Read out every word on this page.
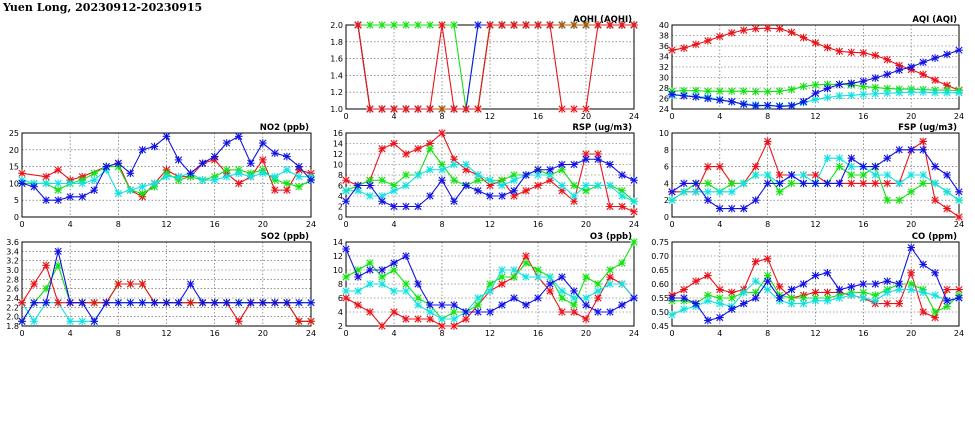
Yuen Long, 20230912-20230915
0	4	8	12	16	20	24
1.0
1.2
1.4
1.6
1.8
2.0
AQHI (AQHI)
0	4	8	12	16	20	24
24
26
28
30
32
34
36
38
40
AQI (AQI)
0	4	8	12	16	20	24
0
5
10
15
20
25
NO2 (ppb)
0	4	8	12	16	20	24
0
2
4
6
8
10
12
14
16
RSP (ug/m3)
0	4	8	12	16	20	24
0
2
4
6
8
10
FSP (ug/m3)
0	4	8	12	16	20	24
1.8
2.0
2.2
2.4
2.6
2.8
3.0
3.2
3.4
3.6
SO2 (ppb)
0	4	8	12	16	20	24
2
4
6
8
10
12
14
O3 (ppb)
0	4	8	12	16	20	24
0.45
0.50
0.55
0.60
0.65
0.70
0.75
CO (ppm)
